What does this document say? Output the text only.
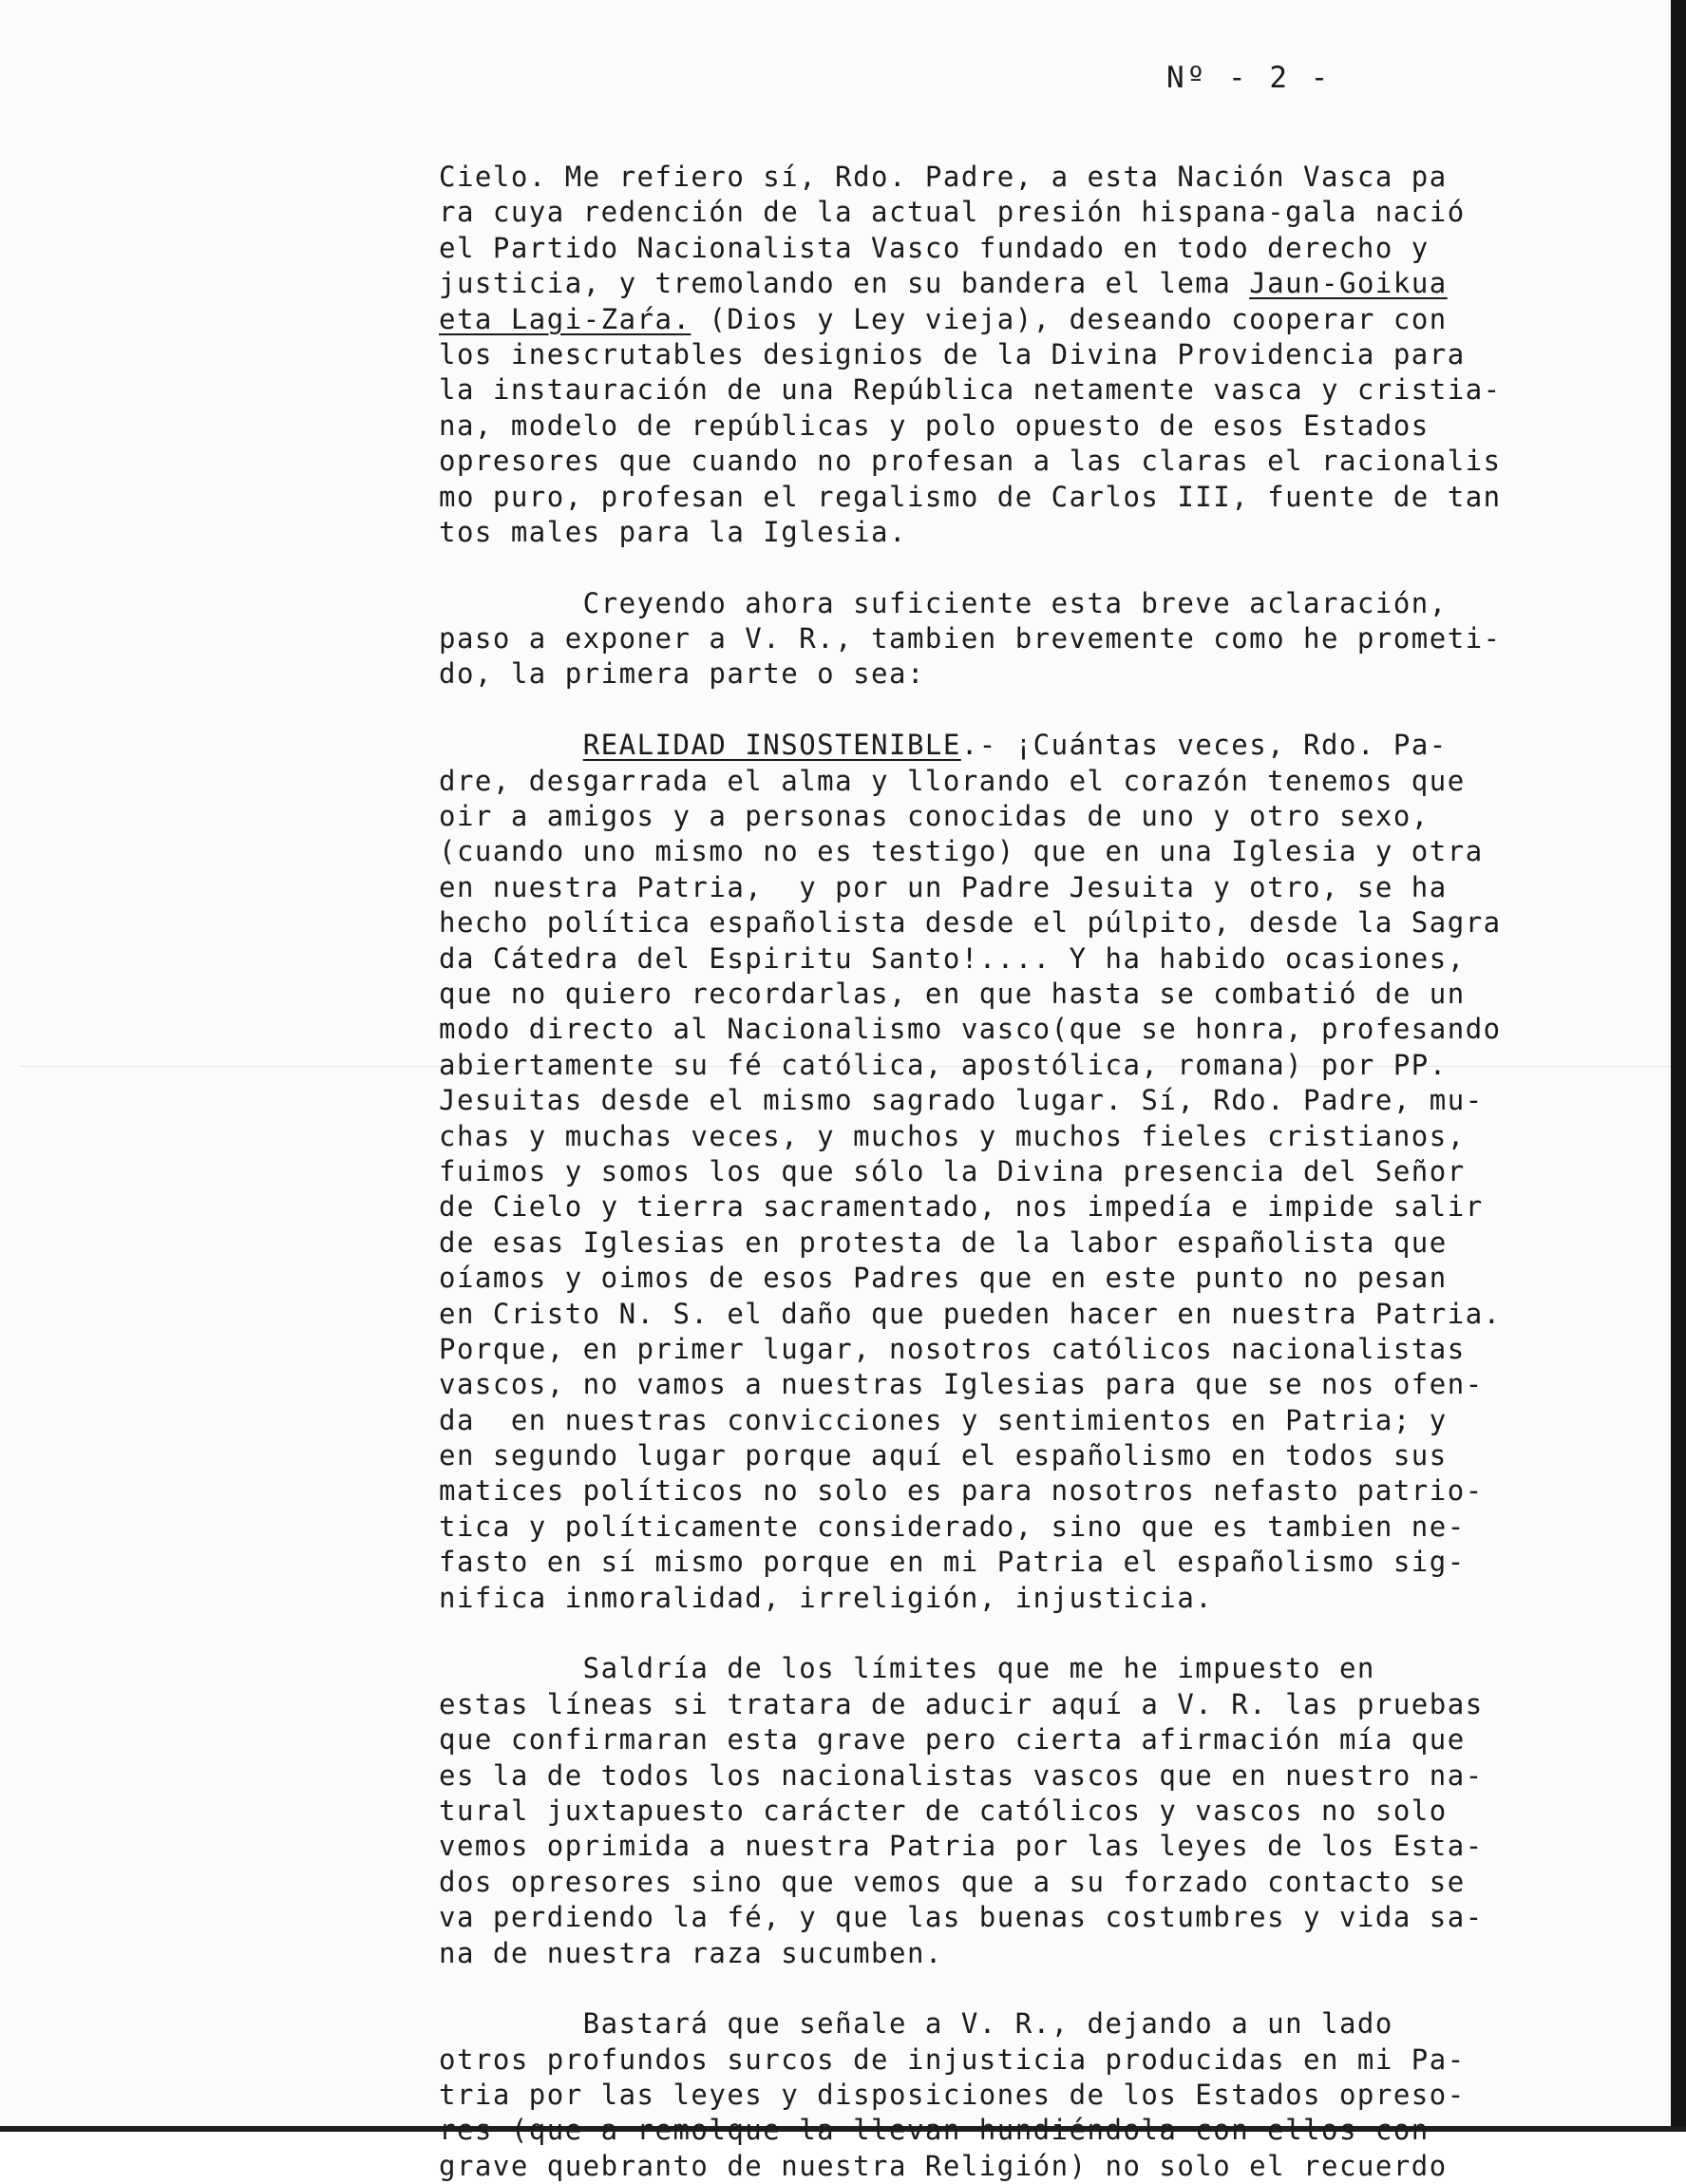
Nº - 2 -
Cielo. Me refiero sí, Rdo. Padre, a esta Nación Vasca pa
ra cuya redención de la actual presión hispana-gala nació
el Partido Nacionalista Vasco fundado en todo derecho y
justicia, y tremolando en su bandera el lema Jaun-Goikua
eta Lagi-Zaŕa. (Dios y Ley vieja), deseando cooperar con
los inescrutables designios de la Divina Providencia para
la instauración de una República netamente vasca y cristia-
na, modelo de repúblicas y polo opuesto de esos Estados
opresores que cuando no profesan a las claras el racionalis
mo puro, profesan el regalismo de Carlos III, fuente de tan
tos males para la Iglesia.
Creyendo ahora suficiente esta breve aclaración,
paso a exponer a V. R., tambien brevemente como he prometi-
do, la primera parte o sea:
REALIDAD INSOSTENIBLE.- ¡Cuántas veces, Rdo. Pa-
dre, desgarrada el alma y llorando el corazón tenemos que
oir a amigos y a personas conocidas de uno y otro sexo,
(cuando uno mismo no es testigo) que en una Iglesia y otra
en nuestra Patria,  y por un Padre Jesuita y otro, se ha
hecho política españolista desde el púlpito, desde la Sagra
da Cátedra del Espiritu Santo!.... Y ha habido ocasiones,
que no quiero recordarlas, en que hasta se combatió de un
modo directo al Nacionalismo vasco(que se honra, profesando
abiertamente su fé católica, apostólica, romana) por PP.
Jesuitas desde el mismo sagrado lugar. Sí, Rdo. Padre, mu-
chas y muchas veces, y muchos y muchos fieles cristianos,
fuimos y somos los que sólo la Divina presencia del Señor
de Cielo y tierra sacramentado, nos impedía e impide salir
de esas Iglesias en protesta de la labor españolista que
oíamos y oimos de esos Padres que en este punto no pesan
en Cristo N. S. el daño que pueden hacer en nuestra Patria.
Porque, en primer lugar, nosotros católicos nacionalistas
vascos, no vamos a nuestras Iglesias para que se nos ofen-
da  en nuestras convicciones y sentimientos en Patria; y
en segundo lugar porque aquí el españolismo en todos sus
matices políticos no solo es para nosotros nefasto patrio-
tica y políticamente considerado, sino que es tambien ne-
fasto en sí mismo porque en mi Patria el españolismo sig-
nifica inmoralidad, irreligión, injusticia.
Saldría de los límites que me he impuesto en
estas líneas si tratara de aducir aquí a V. R. las pruebas
que confirmaran esta grave pero cierta afirmación mía que
es la de todos los nacionalistas vascos que en nuestro na-
tural juxtapuesto carácter de católicos y vascos no solo
vemos oprimida a nuestra Patria por las leyes de los Esta-
dos opresores sino que vemos que a su forzado contacto se
va perdiendo la fé, y que las buenas costumbres y vida sa-
na de nuestra raza sucumben.
Bastará que señale a V. R., dejando a un lado
otros profundos surcos de injusticia producidas en mi Pa-
tria por las leyes y disposiciones de los Estados opreso-
res (que a remolque la llevan hundiéndola con ellos con
grave quebranto de nuestra Religión) no solo el recuerdo
